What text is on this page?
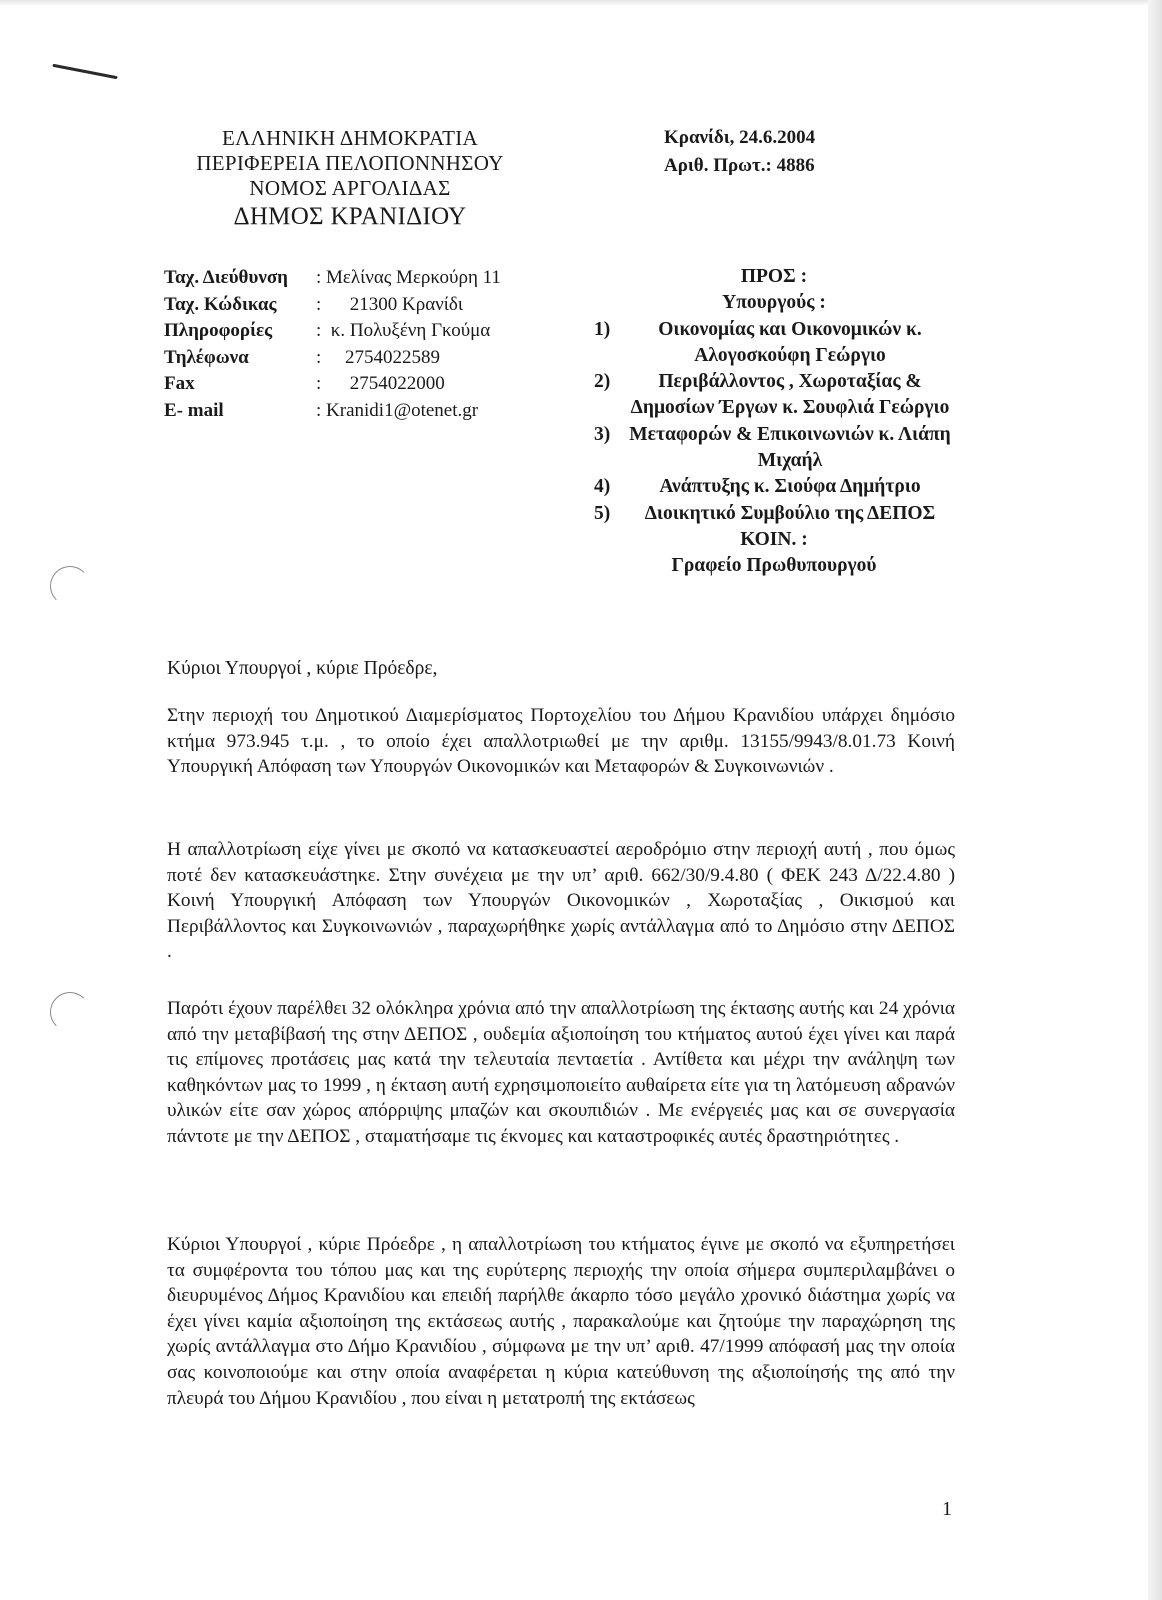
ΕΛΛΗΝΙΚΗ ΔΗΜΟΚΡΑΤΙΑ
ΠΕΡΙΦΕΡΕΙΑ ΠΕΛΟΠΟΝΝΗΣΟΥ
ΝΟΜΟΣ ΑΡΓΟΛΙΔΑΣ
ΔΗΜΟΣ ΚΡΑΝΙΔΙΟΥ
Κρανίδι, 24.6.2004
Αριθ. Πρωτ.: 4886
Ταχ. Διεύθυνση	: Μελίνας Μερκούρη 11
Ταχ. Κώδικας	:      21300 Κρανίδι
Πληροφορίες	:  κ. Πολυξένη Γκούμα
Τηλέφωνα	:     2754022589
Fax	:      2754022000
E- mail	: Kranidi1@otenet.gr
ΠΡΟΣ :
Υπουργούς :
1)	Οικονομίας και Οικονομικών κ. Αλογοσκούφη Γεώργιο
2)	Περιβάλλοντος , Χωροταξίας & Δημοσίων Έργων κ. Σουφλιά Γεώργιο
3) Μεταφορών & Επικοινωνιών κ. Λιάπη Μιχαήλ
4)	Ανάπτυξης κ. Σιούφα Δημήτριο
5)	Διοικητικό Συμβούλιο της ΔΕΠΟΣ
ΚΟΙΝ. :
Γραφείο Πρωθυπουργού
Κύριοι Υπουργοί , κύριε Πρόεδρε,
Στην περιοχή του Δημοτικού Διαμερίσματος Πορτοχελίου του Δήμου Κρανιδίου υπάρχει δημόσιο κτήμα 973.945 τ.μ. , το οποίο έχει απαλλοτριωθεί με την αριθμ. 13155/9943/8.01.73 Κοινή Υπουργική Απόφαση των Υπουργών Οικονομικών και Μεταφορών & Συγκοινωνιών .
Η απαλλοτρίωση είχε γίνει με σκοπό να κατασκευαστεί αεροδρόμιο στην περιοχή αυτή , που όμως ποτέ δεν κατασκευάστηκε. Στην συνέχεια με την υπ’ αριθ. 662/30/9.4.80 ( ΦΕΚ 243 Δ/22.4.80 ) Κοινή Υπουργική Απόφαση των Υπουργών Οικονομικών , Χωροταξίας , Οικισμού και Περιβάλλοντος και Συγκοινωνιών , παραχωρήθηκε χωρίς αντάλλαγμα από το Δημόσιο στην ΔΕΠΟΣ .
Παρότι έχουν παρέλθει 32 ολόκληρα χρόνια από την απαλλοτρίωση της έκτασης αυτής και 24 χρόνια από την μεταβίβασή της στην ΔΕΠΟΣ , ουδεμία αξιοποίηση του κτήματος αυτού έχει γίνει και παρά τις επίμονες προτάσεις μας κατά την τελευταία πενταετία . Αντίθετα και μέχρι την ανάληψη των καθηκόντων μας το 1999 , η έκταση αυτή εχρησιμοποιείτο αυθαίρετα είτε για τη λατόμευση αδρανών υλικών είτε σαν χώρος απόρριψης μπαζών και σκουπιδιών . Με ενέργειές μας και σε συνεργασία πάντοτε με την ΔΕΠΟΣ , σταματήσαμε τις έκνομες και καταστροφικές αυτές δραστηριότητες .
Κύριοι Υπουργοί , κύριε Πρόεδρε , η απαλλοτρίωση του κτήματος έγινε με σκοπό να εξυπηρετήσει τα συμφέροντα του τόπου μας και της ευρύτερης περιοχής την οποία σήμερα συμπεριλαμβάνει ο διευρυμένος Δήμος Κρανιδίου και επειδή παρήλθε άκαρπο τόσο μεγάλο χρονικό διάστημα χωρίς να έχει γίνει καμία αξιοποίηση της εκτάσεως αυτής , παρακαλούμε και ζητούμε την παραχώρηση της χωρίς αντάλλαγμα στο Δήμο Κρανιδίου , σύμφωνα με την υπ’ αριθ. 47/1999 απόφασή μας την οποία σας κοινοποιούμε και στην οποία αναφέρεται η κύρια κατεύθυνση της αξιοποίησής της από την πλευρά του Δήμου Κρανιδίου , που είναι η μετατροπή της εκτάσεως
1
